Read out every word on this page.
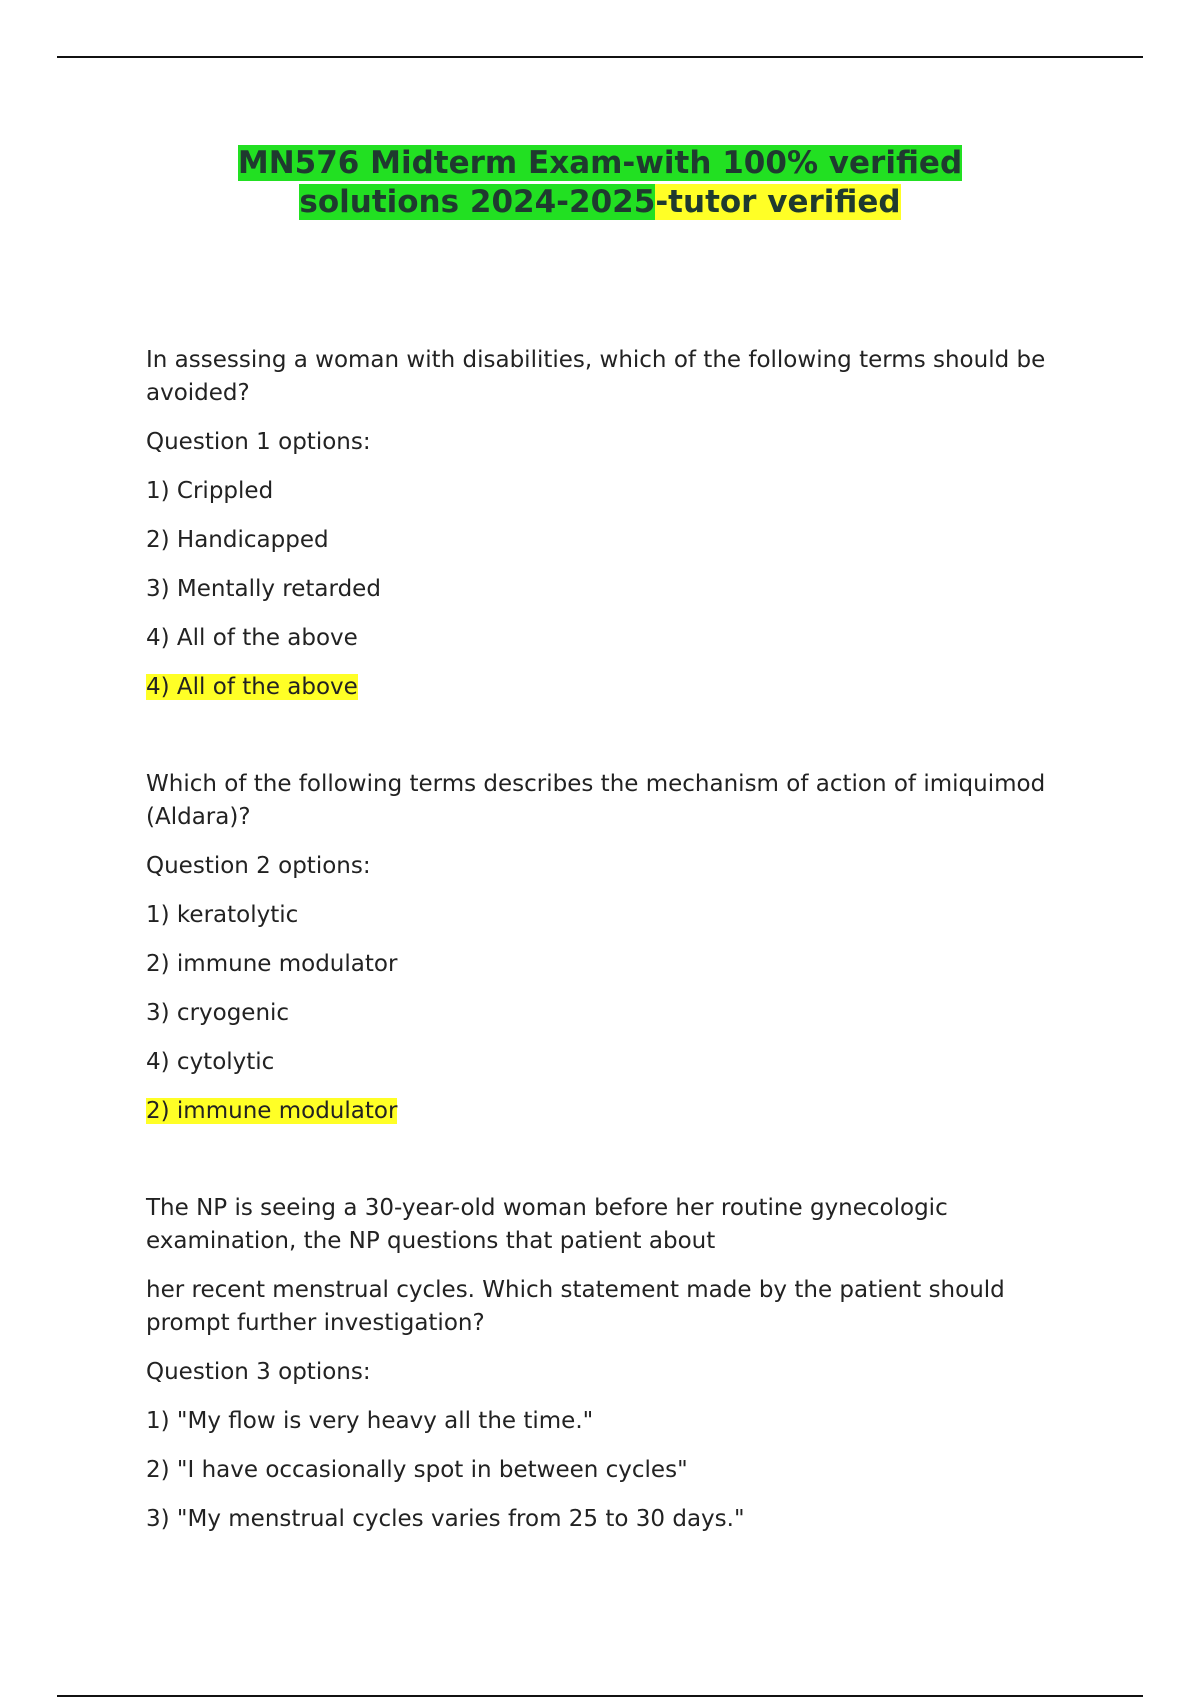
MN576 Midterm Exam-with 100% verified
solutions 2024-2025-tutor verified

In assessing a woman with disabilities, which of the following terms should be avoided?

Question 1 options:

1) Crippled

2) Handicapped

3) Mentally retarded

4) All of the above

4) All of the above

Which of the following terms describes the mechanism of action of imiquimod (Aldara)?

Question 2 options:

1) keratolytic

2) immune modulator

3) cryogenic

4) cytolytic

2) immune modulator

The NP is seeing a 30-year-old woman before her routine gynecologic examination, the NP questions that patient about

her recent menstrual cycles. Which statement made by the patient should prompt further investigation?

Question 3 options:

1) "My flow is very heavy all the time."

2) "I have occasionally spot in between cycles"

3) "My menstrual cycles varies from 25 to 30 days."
